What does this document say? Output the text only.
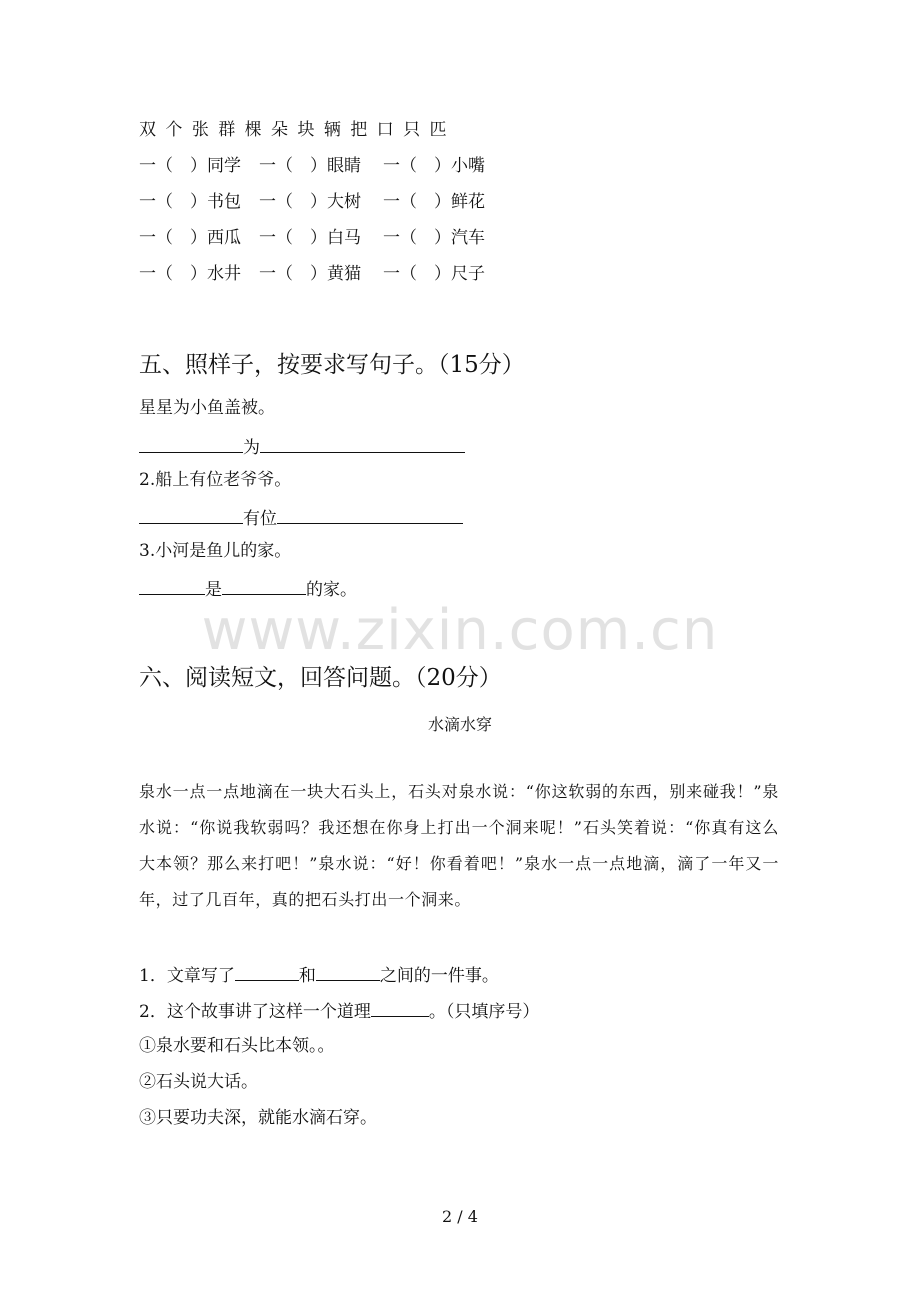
双 个 张 群 棵 朵 块 辆 把 口 只 匹
一（　）同学 一（　）眼睛 一（　）小嘴
一（　）书包 一（　）大树 一（　）鲜花
一（　）西瓜 一（　）白马 一（　）汽车
一（　）水井 一（　）黄猫 一（　）尺子
五、照样子，按要求写句子。（15分）
星星为小鱼盖被。
为
2.船上有位老爷爷。
有位
3.小河是鱼儿的家。
是	的家。
www.zixin.com.cn
六、阅读短文，回答问题。（20分）
水滴水穿
泉水一点一点地滴在一块大石头上，石头对泉水说：“你这软弱的东西，别来碰我！”泉水说：“你说我软弱吗？我还想在你身上打出一个洞来呢！”石头笑着说：“你真有这么大本领？那么来打吧！”泉水说：“好！你看着吧！”泉水一点一点地滴，滴了一年又一年，过了几百年，真的把石头打出一个洞来。
1．文章写了	和	之间的一件事。
2．这个故事讲了这样一个道理	。（只填序号）
①泉水要和石头比本领。。
②石头说大话。
③只要功夫深，就能水滴石穿。
2 / 4
